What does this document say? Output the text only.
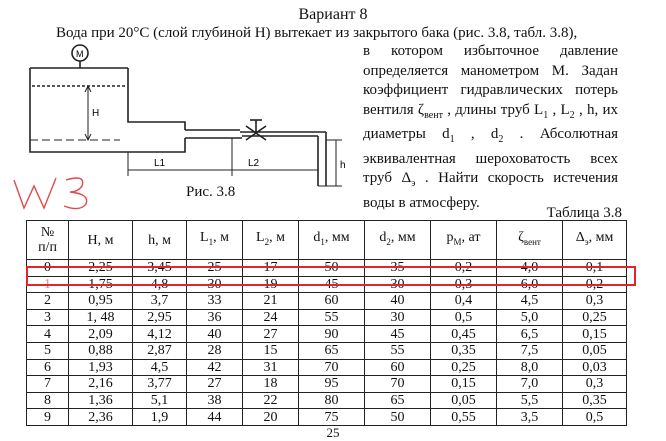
Вариант 8
Вода при 20°С (слой глубиной H) вытекает из закрытого бака (рис. 3.8, табл. 3.8),
в котором избыточное давление определяется манометром М. Задан коэффициент гидравлических потерь вентиля $\zeta_{вент}$ , длины труб $L_1$ , $L_2$ , h, их диаметры $d_1$ , $d_2$ . Абсолютная эквивалентная шероховатость всех труб $\Delta_э$ . Найти скорость истечения воды в атмосферу.
M
H
L1	L2	h
Рис. 3.8
Таблица 3.8
№
п/п	H, м	h, м	$L_1$, м	$L_2$, м	$d_1$, мм	$d_2$, мм	$p_М$, ат	$\zeta_{вент}$	$\Delta_э$, мм
0	2,25	3,45	25	17	50	35	0,2	4,0	0,1
1	1,75	4,8	30	19	45	30	0,3	6,0	0,2
2	0,95	3,7	33	21	60	40	0,4	4,5	0,3
3	1, 48	2,95	36	24	55	30	0,5	5,0	0,25
4	2,09	4,12	40	27	90	45	0,45	6,5	0,15
5	0,88	2,87	28	15	65	55	0,35	7,5	0,05
6	1,93	4,5	42	31	70	60	0,25	8,0	0,03
7	2,16	3,77	27	18	95	70	0,15	7,0	0,3
8	1,36	5,1	38	22	80	65	0,05	5,5	0,35
9	2,36	1,9	44	20	75	50	0,55	3,5	0,5
25
